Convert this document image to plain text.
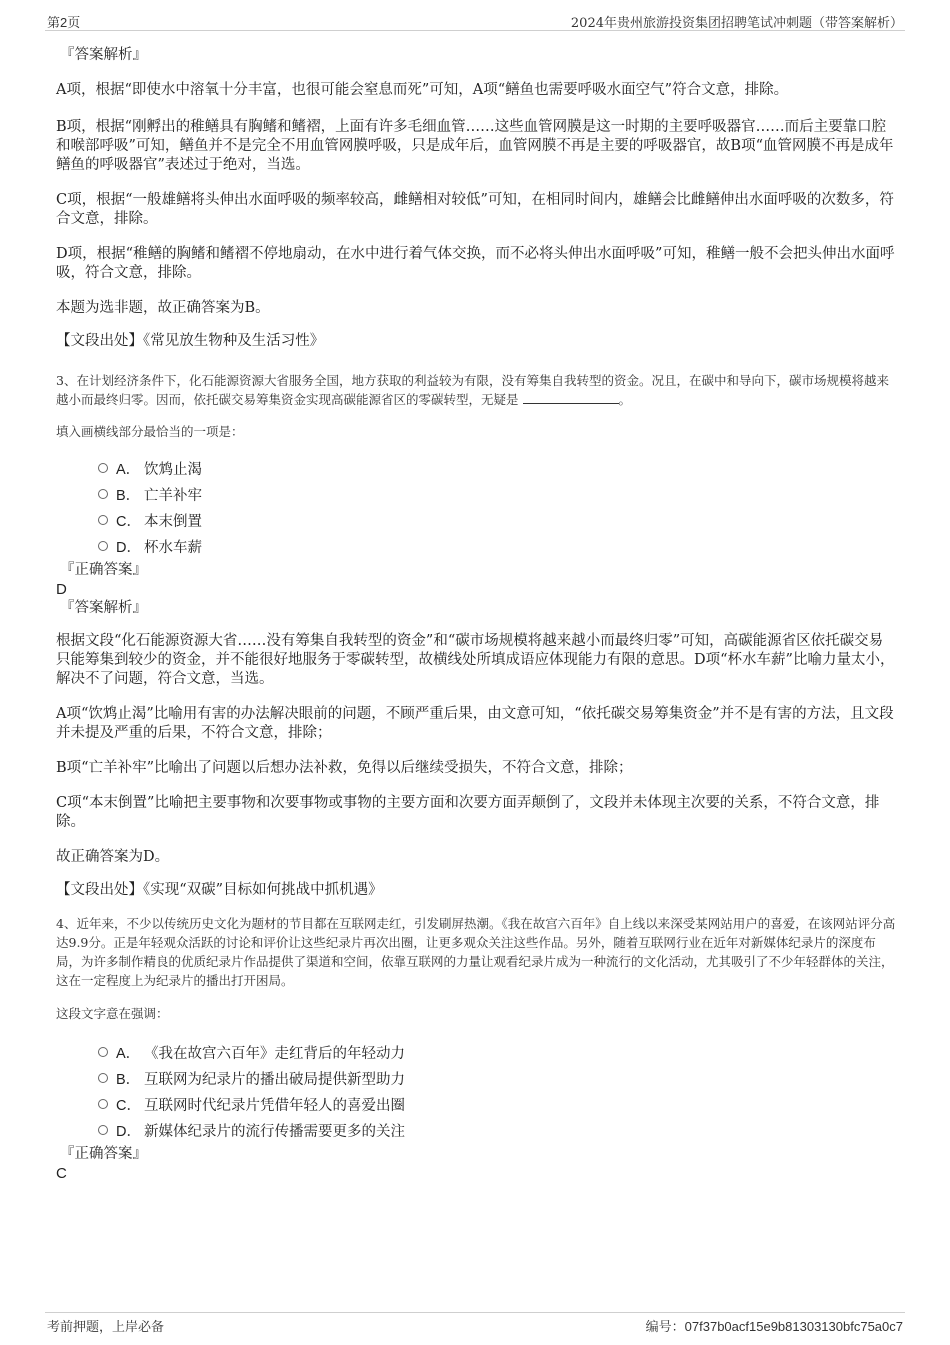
第2页	2024年贵州旅游投资集团招聘笔试冲刺题（带答案解析）

『答案解析』

A项，根据“即使水中溶氧十分丰富，也很可能会窒息而死”可知，A项“鳝鱼也需要呼吸水面空气”符合文意，排除。

B项，根据“刚孵出的稚鳝具有胸鳍和鳍褶，上面有许多毛细血管……这些血管网膜是这一时期的主要呼吸器官……而后主要靠口腔和喉部呼吸”可知，鳝鱼并不是完全不用血管网膜呼吸，只是成年后，血管网膜不再是主要的呼吸器官，故B项“血管网膜不再是成年鳝鱼的呼吸器官”表述过于绝对，当选。

C项，根据“一般雄鳝将头伸出水面呼吸的频率较高，雌鳝相对较低”可知，在相同时间内，雄鳝会比雌鳝伸出水面呼吸的次数多，符合文意，排除。

D项，根据“稚鳝的胸鳍和鳍褶不停地扇动，在水中进行着气体交换，而不必将头伸出水面呼吸”可知，稚鳝一般不会把头伸出水面呼吸，符合文意，排除。

本题为选非题，故正确答案为B。

【文段出处】《常见放生物种及生活习性》

3、在计划经济条件下，化石能源资源大省服务全国，地方获取的利益较为有限，没有筹集自我转型的资金。况且，在碳中和导向下，碳市场规模将越来越小而最终归零。因而，依托碳交易筹集资金实现高碳能源省区的零碳转型，无疑是	。

填入画横线部分最恰当的一项是：

A． 饮鸩止渴
B． 亡羊补牢
C． 本末倒置
D． 杯水车薪

『正确答案』

D

『答案解析』

根据文段“化石能源资源大省……没有筹集自我转型的资金”和“碳市场规模将越来越小而最终归零”可知，高碳能源省区依托碳交易只能筹集到较少的资金，并不能很好地服务于零碳转型，故横线处所填成语应体现能力有限的意思。D项“杯水车薪”比喻力量太小，解决不了问题，符合文意，当选。

A项“饮鸩止渴”比喻用有害的办法解决眼前的问题，不顾严重后果，由文意可知，“依托碳交易筹集资金”并不是有害的方法，且文段并未提及严重的后果，不符合文意，排除；

B项“亡羊补牢”比喻出了问题以后想办法补救，免得以后继续受损失，不符合文意，排除；

C项“本末倒置”比喻把主要事物和次要事物或事物的主要方面和次要方面弄颠倒了，文段并未体现主次要的关系，不符合文意，排除。

故正确答案为D。

【文段出处】《实现“双碳”目标如何挑战中抓机遇》

4、近年来，不少以传统历史文化为题材的节目都在互联网走红，引发刷屏热潮。《我在故宫六百年》自上线以来深受某网站用户的喜爱，在该网站评分高达9.9分。正是年轻观众活跃的讨论和评价让这些纪录片再次出圈，让更多观众关注这些作品。另外，随着互联网行业在近年对新媒体纪录片的深度布局，为许多制作精良的优质纪录片作品提供了渠道和空间，依靠互联网的力量让观看纪录片成为一种流行的文化活动，尤其吸引了不少年轻群体的关注，这在一定程度上为纪录片的播出打开困局。

这段文字意在强调：

A． 《我在故宫六百年》走红背后的年轻动力
B． 互联网为纪录片的播出破局提供新型助力
C． 互联网时代纪录片凭借年轻人的喜爱出圈
D． 新媒体纪录片的流行传播需要更多的关注

『正确答案』

C

考前押题，上岸必备	编号：07f37b0acf15e9b81303130bfc75a0c7
